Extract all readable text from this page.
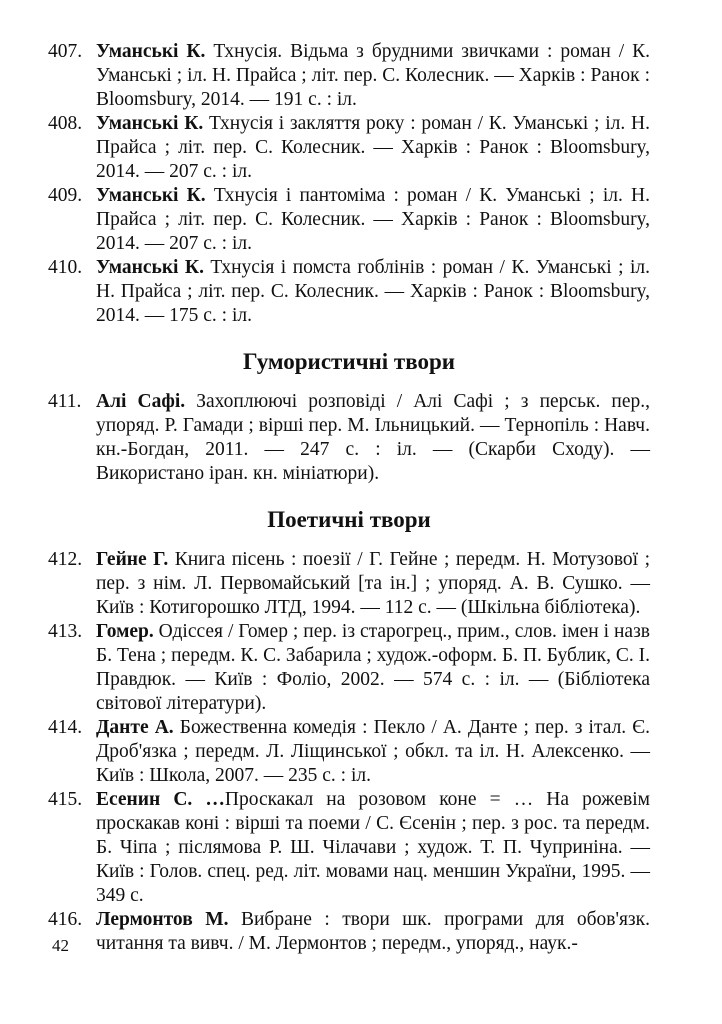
407. Уманські К. Тхнусія. Відьма з брудними звичками : роман / К. Уманські ; іл. Н. Прайса ; літ. пер. С. Колесник. — Харків : Ранок : Bloomsbury, 2014. — 191 с. : іл.
408. Уманські К. Тхнусія і закляття року : роман / К. Уманські ; іл. Н. Прайса ; літ. пер. С. Колесник. — Харків : Ранок : Bloomsbury, 2014. — 207 с. : іл.
409. Уманські К. Тхнусія і пантоміма : роман / К. Уманські ; іл. Н. Прайса ; літ. пер. С. Колесник. — Харків : Ранок : Bloomsbury, 2014. — 207 с. : іл.
410. Уманські К. Тхнусія і помста гоблінів : роман / К. Уманські ; іл. Н. Прайса ; літ. пер. С. Колесник. — Харків : Ранок : Bloomsbury, 2014. — 175 с. : іл.
Гумористичні твори
411. Алі Сафі. Захоплюючі розповіді / Алі Сафі ; з перськ. пер., упоряд. Р. Гамади ; вірші пер. М. Ільницький. — Тернопіль : Навч. кн.-Богдан, 2011. — 247 с. : іл. — (Скарби Сходу). — Використано іран. кн. мініатюри).
Поетичні твори
412. Гейне Г. Книга пісень : поезії / Г. Гейне ; передм. Н. Мотузової ; пер. з нім. Л. Первомайський [та ін.] ; упоряд. А. В. Сушко. — Київ : Котигорошко ЛТД, 1994. — 112 с. — (Шкільна бібліотека).
413. Гомер. Одіссея / Гомер ; пер. із старогрец., прим., слов. імен і назв Б. Тена ; передм. К. С. Забарила ; худож.-оформ. Б. П. Бублик, С. І. Правдюк. — Київ : Фоліо, 2002. — 574 с. : іл. — (Бібліотека світової літератури).
414. Данте А. Божественна комедія : Пекло / А. Данте ; пер. з італ. Є. Дроб'язка ; передм. Л. Ліщинської ; обкл. та іл. Н. Алексенко. — Київ : Школа, 2007. — 235 с. : іл.
415. Есенин С. …Проскакал на розовом коне = … На рожевім проскакав коні : вірші та поеми / С. Єсенін ; пер. з рос. та передм. Б. Чіпа ; післямова Р. Ш. Чілачави ; худож. Т. П. Чуприніна. — Київ : Голов. спец. ред. літ. мовами нац. меншин України, 1995. — 349 с.
416. Лермонтов М. Вибране : твори шк. програми для обов'язк. читання та вивч. / М. Лермонтов ; передм., упоряд., наук.-
42
